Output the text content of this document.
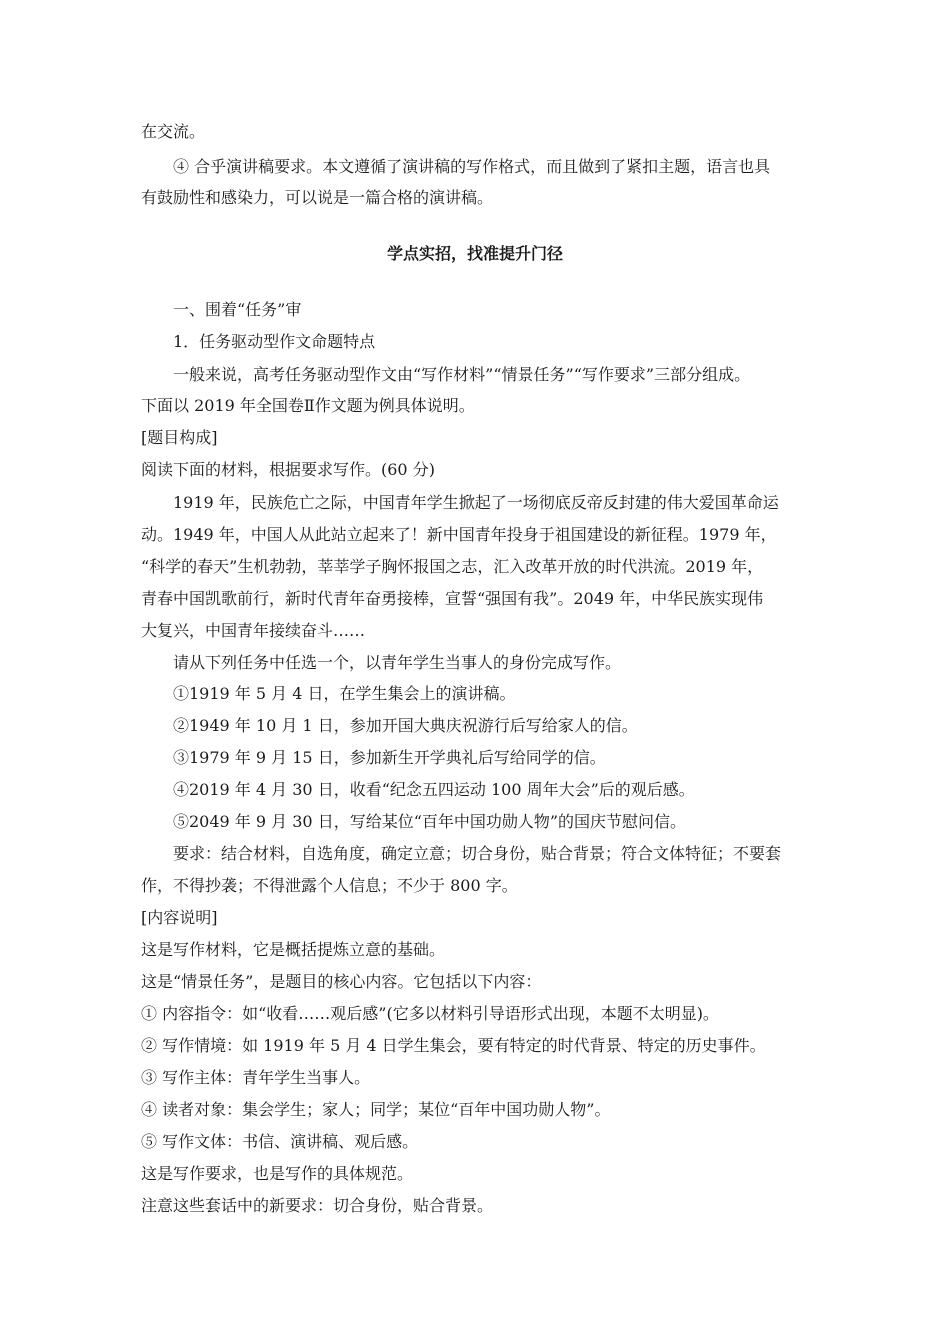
在交流。
④ 合乎演讲稿要求。本文遵循了演讲稿的写作格式，而且做到了紧扣主题，语言也具
有鼓励性和感染力，可以说是一篇合格的演讲稿。
学点实招，找准提升门径
一、围着“任务”审
1．任务驱动型作文命题特点
一般来说，高考任务驱动型作文由“写作材料”“情景任务”“写作要求”三部分组成。
下面以 2019 年全国卷Ⅱ作文题为例具体说明。
[题目构成]
阅读下面的材料，根据要求写作。(60 分)
1919 年，民族危亡之际，中国青年学生掀起了一场彻底反帝反封建的伟大爱国革命运
动。1949 年，中国人从此站立起来了！新中国青年投身于祖国建设的新征程。1979 年，
“科学的春天”生机勃勃，莘莘学子胸怀报国之志，汇入改革开放的时代洪流。2019 年，
青春中国凯歌前行，新时代青年奋勇接棒，宣誓“强国有我”。2049 年，中华民族实现伟
大复兴，中国青年接续奋斗……
请从下列任务中任选一个，以青年学生当事人的身份完成写作。
①1919 年 5 月 4 日，在学生集会上的演讲稿。
②1949 年 10 月 1 日，参加开国大典庆祝游行后写给家人的信。
③1979 年 9 月 15 日，参加新生开学典礼后写给同学的信。
④2019 年 4 月 30 日，收看“纪念五四运动 100 周年大会”后的观后感。
⑤2049 年 9 月 30 日，写给某位“百年中国功勋人物”的国庆节慰问信。
要求：结合材料，自选角度，确定立意；切合身份，贴合背景；符合文体特征；不要套
作，不得抄袭；不得泄露个人信息；不少于 800 字。
[内容说明]
这是写作材料，它是概括提炼立意的基础。
这是“情景任务”，是题目的核心内容。它包括以下内容：
① 内容指令：如“收看……观后感”(它多以材料引导语形式出现，本题不太明显)。
② 写作情境：如 1919 年 5 月 4 日学生集会，要有特定的时代背景、特定的历史事件。
③ 写作主体：青年学生当事人。
④ 读者对象：集会学生；家人；同学；某位“百年中国功勋人物”。
⑤ 写作文体：书信、演讲稿、观后感。
这是写作要求，也是写作的具体规范。
注意这些套话中的新要求：切合身份，贴合背景。
